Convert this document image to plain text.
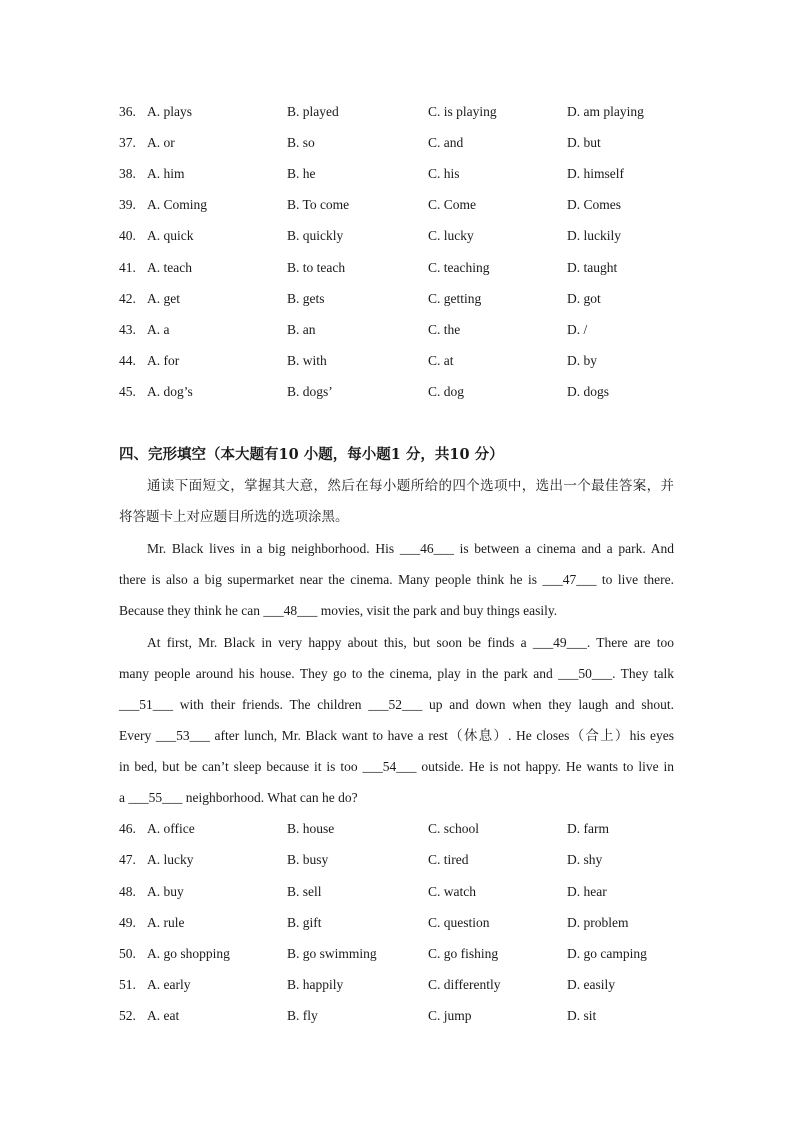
36. A. plays	B. played	C. is playing	D. am playing
37. A. or	B. so	C. and	D. but
38. A. him	B. he	C. his	D. himself
39. A. Coming	B. To come	C. Come	D. Comes
40. A. quick	B. quickly	C. lucky	D. luckily
41. A. teach	B. to teach	C. teaching	D. taught
42. A. get	B. gets	C. getting	D. got
43. A. a	B. an	C. the	D. /
44. A. for	B. with	C. at	D. by
45. A. dog’s	B. dogs’	C. dog	D. dogs
四、完形填空（本大题有10 小题，每小题1 分，共10 分）
通读下面短文，掌握其大意，然后在每小题所给的四个选项中，选出一个最佳答案，并
将答题卡上对应题目所选的选项涂黑。
Mr. Black lives in a big neighborhood. His ___46___ is between a cinema and a park. And
there is also a big supermarket near the cinema. Many people think he is ___47___ to live there.
Because they think he can ___48___ movies, visit the park and buy things easily.
At first, Mr. Black in very happy about this, but soon be finds a ___49___. There are too
many people around his house. They go to the cinema, play in the park and ___50___. They talk
___51___ with their friends. The children ___52___ up and down when they laugh and shout.
Every ___53___ after lunch, Mr. Black want to have a rest（休息）. He closes（合上）his eyes
in bed, but be can’t sleep because it is too ___54___ outside. He is not happy. He wants to live in
a ___55___ neighborhood. What can he do?
46. A. office	B. house	C. school	D. farm
47. A. lucky	B. busy	C. tired	D. shy
48. A. buy	B. sell	C. watch	D. hear
49. A. rule	B. gift	C. question	D. problem
50. A. go shopping	B. go swimming	C. go fishing	D. go camping
51. A. early	B. happily	C. differently	D. easily
52. A. eat	B. fly	C. jump	D. sit
